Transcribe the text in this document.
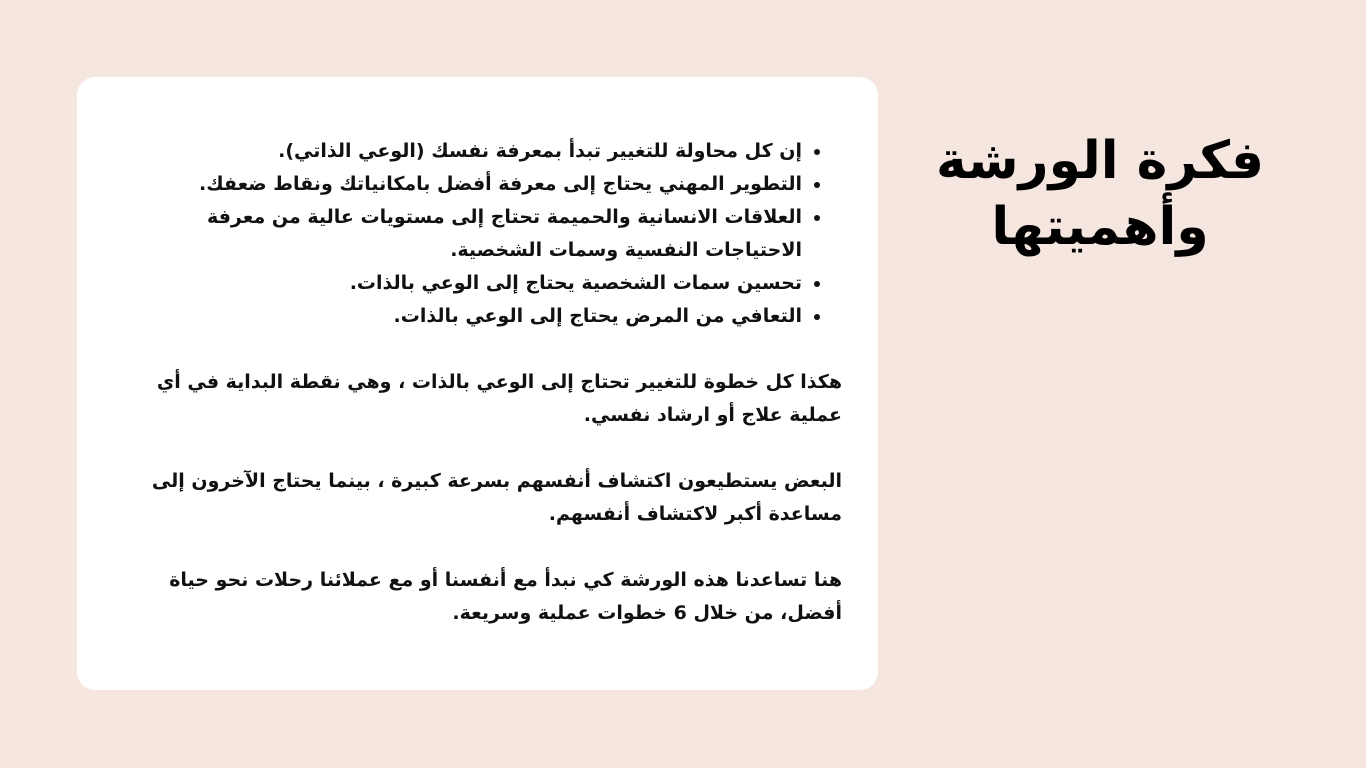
فكرة الورشة وأهميتها
• إن كل محاولة للتغيير تبدأ بمعرفة نفسك (الوعي الذاتي).
• التطوير المهني يحتاج إلى معرفة أفضل بامكانياتك ونقاط ضعفك.
• العلاقات الانسانية والحميمة تحتاج إلى مستويات عالية من معرفة الاحتياجات النفسية وسمات الشخصية.
• تحسين سمات الشخصية يحتاج إلى الوعي بالذات.
• التعافي من المرض يحتاج إلى الوعي بالذات.

هكذا كل خطوة للتغيير تحتاج إلى الوعي بالذات ، وهي نقطة البداية في أي عملية علاج أو ارشاد نفسي.

البعض يستطيعون اكتشاف أنفسهم بسرعة كبيرة ، بينما يحتاج الآخرون إلى مساعدة أكبر لاكتشاف أنفسهم.

هنا تساعدنا هذه الورشة كي نبدأ مع أنفسنا أو مع عملائنا رحلات نحو حياة أفضل، من خلال 6 خطوات عملية وسريعة.
